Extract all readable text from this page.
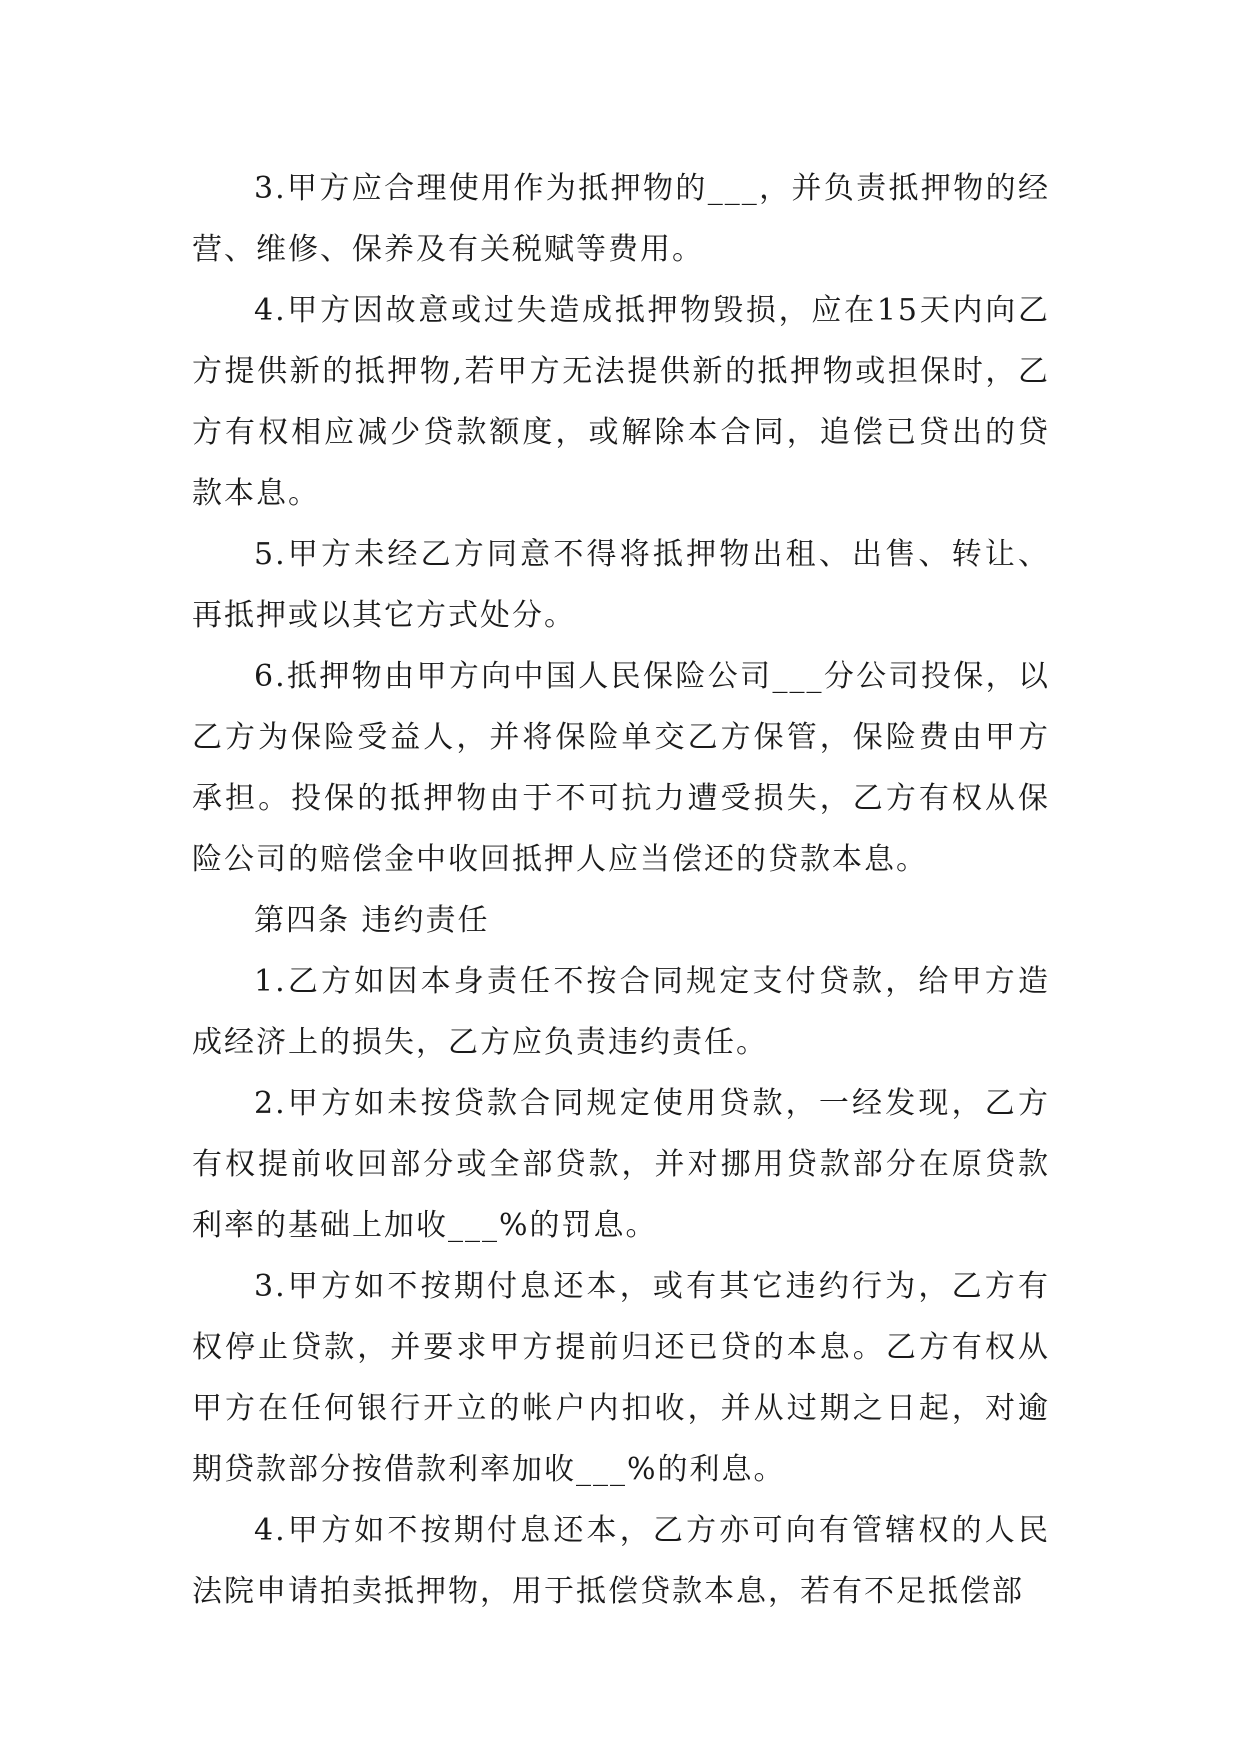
3.甲方应合理使用作为抵押物的___，并负责抵押物的经营、维修、保养及有关税赋等费用。

4.甲方因故意或过失造成抵押物毁损，应在15天内向乙方提供新的抵押物,若甲方无法提供新的抵押物或担保时，乙方有权相应减少贷款额度，或解除本合同，追偿已贷出的贷款本息。

5.甲方未经乙方同意不得将抵押物出租、出售、转让、再抵押或以其它方式处分。

6.抵押物由甲方向中国人民保险公司___分公司投保，以乙方为保险受益人，并将保险单交乙方保管，保险费由甲方承担。投保的抵押物由于不可抗力遭受损失，乙方有权从保险公司的赔偿金中收回抵押人应当偿还的贷款本息。

第四条 违约责任

1.乙方如因本身责任不按合同规定支付贷款，给甲方造成经济上的损失，乙方应负责违约责任。

2.甲方如未按贷款合同规定使用贷款，一经发现，乙方有权提前收回部分或全部贷款，并对挪用贷款部分在原贷款利率的基础上加收___%的罚息。

3.甲方如不按期付息还本，或有其它违约行为，乙方有权停止贷款，并要求甲方提前归还已贷的本息。乙方有权从甲方在任何银行开立的帐户内扣收，并从过期之日起，对逾期贷款部分按借款利率加收___%的利息。

4.甲方如不按期付息还本，乙方亦可向有管辖权的人民法院申请拍卖抵押物，用于抵偿贷款本息，若有不足抵偿部
